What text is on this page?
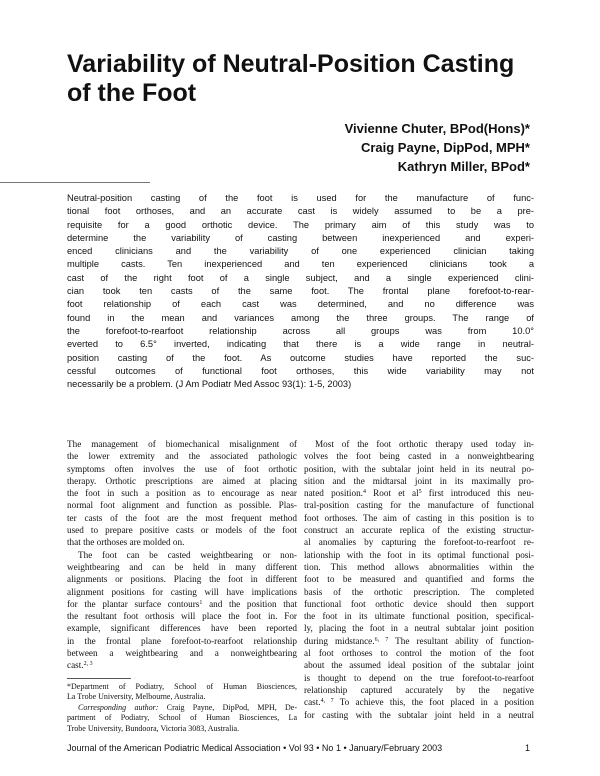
Variability of Neutral-Position Casting
of the Foot
Vivienne Chuter, BPod(Hons)*
Craig Payne, DipPod, MPH*
Kathryn Miller, BPod*
Neutral-position casting of the foot is used for the manufacture of func-
tional foot orthoses, and an accurate cast is widely assumed to be a pre-
requisite for a good orthotic device. The primary aim of this study was to
determine the variability of casting between inexperienced and experi-
enced clinicians and the variability of one experienced clinician taking
multiple casts. Ten inexperienced and ten experienced clinicians took a
cast of the right foot of a single subject, and a single experienced clini-
cian took ten casts of the same foot. The frontal plane forefoot-to-rear-
foot relationship of each cast was determined, and no difference was
found in the mean and variances among the three groups. The range of
the forefoot-to-rearfoot relationship across all groups was from 10.0°
everted to 6.5° inverted, indicating that there is a wide range in neutral-
position casting of the foot. As outcome studies have reported the suc-
cessful outcomes of functional foot orthoses, this wide variability may not
necessarily be a problem. (J Am Podiatr Med Assoc 93(1): 1-5, 2003)
The management of biomechanical misalignment of
the lower extremity and the associated pathologic
symptoms often involves the use of foot orthotic
therapy. Orthotic prescriptions are aimed at placing
the foot in such a position as to encourage as near
normal foot alignment and function as possible. Plas-
ter casts of the foot are the most frequent method
used to prepare positive casts or models of the foot
that the orthoses are molded on.
The foot can be casted weightbearing or non-
weightbearing and can be held in many different
alignments or positions. Placing the foot in different
alignment positions for casting will have implications
for the plantar surface contours$^1$ and the position that
the resultant foot orthosis will place the foot in. For
example, significant differences have been reported
in the frontal plane forefoot-to-rearfoot relationship
between a weightbearing and a nonweightbearing
cast.$^{2, 3}$
*Department of Podiatry, School of Human Biosciences,
La Trobe University, Melbourne, Australia.
Corresponding author: Craig Payne, DipPod, MPH, De-
partment of Podiatry, School of Human Biosciences, La
Trobe University, Bundoora, Victoria 3083, Australia.
Most of the foot orthotic therapy used today in-
volves the foot being casted in a nonweightbearing
position, with the subtalar joint held in its neutral po-
sition and the midtarsal joint in its maximally pro-
nated position.$^4$ Root et $al^5$ first introduced this neu-
tral-position casting for the manufacture of functional
foot orthoses. The aim of casting in this position is to
construct an accurate replica of the existing structur-
al anomalies by capturing the forefoot-to-rearfoot re-
lationship with the foot in its optimal functional posi-
tion. This method allows abnormalities within the
foot to be measured and quantified and forms the
basis of the orthotic prescription. The completed
functional foot orthotic device should then support
the foot in its ultimate functional position, specifical-
ly, placing the foot in a neutral subtalar joint position
during midstance.$^{6, 7}$ The resultant ability of function-
al foot orthoses to control the motion of the foot
about the assumed ideal position of the subtalar joint
is thought to depend on the true forefoot-to-rearfoot
relationship captured accurately by the negative
cast.$^{4, 7}$ To achieve this, the foot placed in a position
for casting with the subtalar joint held in a neutral
Journal of the American Podiatric Medical Association • Vol 93 • No 1 • January/February 2003	1
